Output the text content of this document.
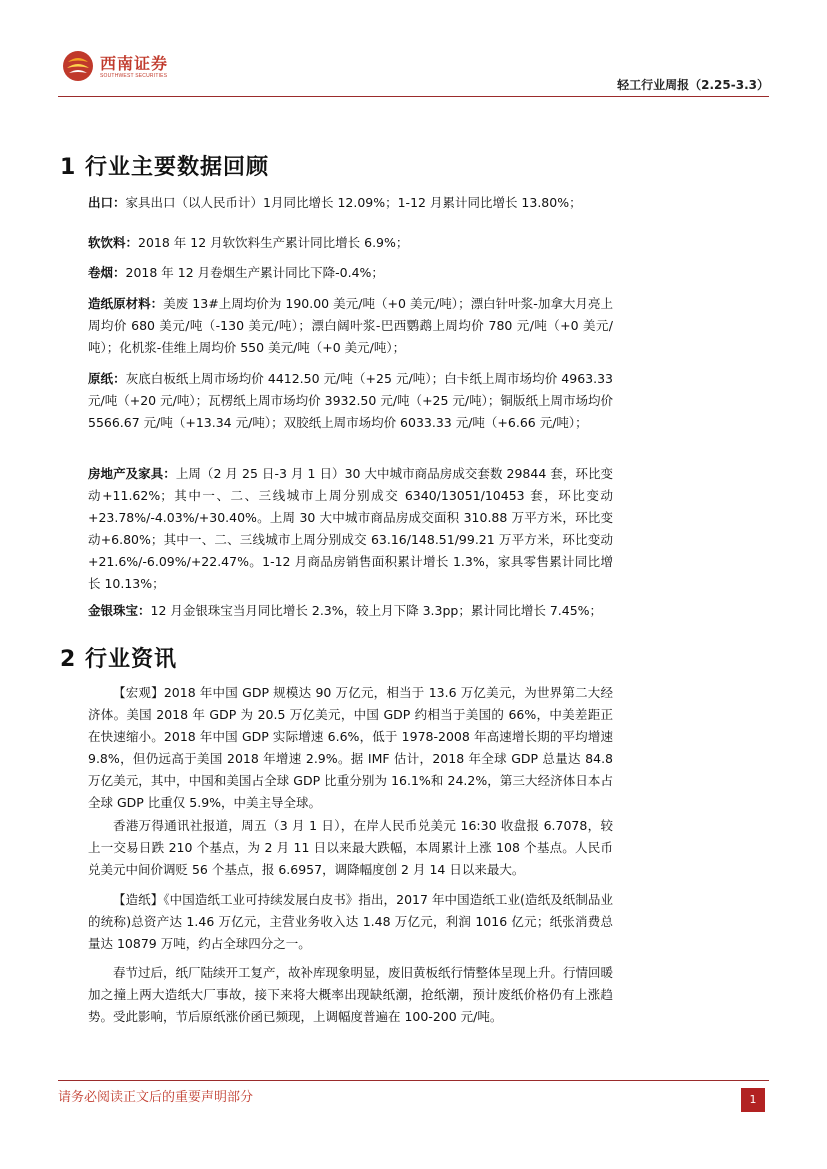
西南证券
SOUTHWEST SECURITIES
轻工行业周报（2.25-3.3）
1 行业主要数据回顾

出口：家具出口（以人民币计）1月同比增长 12.09%；1-12 月累计同比增长 13.80%；

软饮料：2018 年 12 月软饮料生产累计同比增长 6.9%；

卷烟：2018 年 12 月卷烟生产累计同比下降-0.4%；

造纸原材料：美废 13#上周均价为 190.00 美元/吨（+0 美元/吨）；漂白针叶浆-加拿大月亮上周均价 680 美元/吨（-130 美元/吨）；漂白阔叶浆-巴西鹦鹉上周均价 780 元/吨（+0 美元/吨）；化机浆-佳维上周均价 550 美元/吨（+0 美元/吨）；

原纸：灰底白板纸上周市场均价 4412.50 元/吨（+25 元/吨）；白卡纸上周市场均价 4963.33 元/吨（+20 元/吨）；瓦楞纸上周市场均价 3932.50 元/吨（+25 元/吨）；铜版纸上周市场均价 5566.67 元/吨（+13.34 元/吨）；双胶纸上周市场均价 6033.33 元/吨（+6.66 元/吨）；

房地产及家具：上周（2 月 25 日-3 月 1 日）30 大中城市商品房成交套数 29844 套，环比变动+11.62%；其中一、二、三线城市上周分别成交 6340/13051/10453 套，环比变动+23.78%/-4.03%/+30.40%。上周 30 大中城市商品房成交面积 310.88 万平方米，环比变动+6.80%；其中一、二、三线城市上周分别成交 63.16/148.51/99.21 万平方米，环比变动+21.6%/-6.09%/+22.47%。1-12 月商品房销售面积累计增长 1.3%，家具零售累计同比增长 10.13%；

金银珠宝：12 月金银珠宝当月同比增长 2.3%，较上月下降 3.3pp；累计同比增长 7.45%；

2 行业资讯

【宏观】2018 年中国 GDP 规模达 90 万亿元，相当于 13.6 万亿美元，为世界第二大经济体。美国 2018 年 GDP 为 20.5 万亿美元，中国 GDP 约相当于美国的 66%，中美差距正在快速缩小。2018 年中国 GDP 实际增速 6.6%，低于 1978-2008 年高速增长期的平均增速 9.8%，但仍远高于美国 2018 年增速 2.9%。据 IMF 估计，2018 年全球 GDP 总量达 84.8 万亿美元，其中，中国和美国占全球 GDP 比重分别为 16.1%和 24.2%，第三大经济体日本占全球 GDP 比重仅 5.9%，中美主导全球。

香港万得通讯社报道，周五（3 月 1 日），在岸人民币兑美元 16:30 收盘报 6.7078，较上一交易日跌 210 个基点，为 2 月 11 日以来最大跌幅，本周累计上涨 108 个基点。人民币兑美元中间价调贬 56 个基点，报 6.6957，调降幅度创 2 月 14 日以来最大。

【造纸】《中国造纸工业可持续发展白皮书》指出，2017 年中国造纸工业(造纸及纸制品业的统称)总资产达 1.46 万亿元，主营业务收入达 1.48 万亿元，利润 1016 亿元；纸张消费总量达 10879 万吨，约占全球四分之一。

春节过后，纸厂陆续开工复产，故补库现象明显，废旧黄板纸行情整体呈现上升。行情回暖加之撞上两大造纸大厂事故，接下来将大概率出现缺纸潮，抢纸潮，预计废纸价格仍有上涨趋势。受此影响，节后原纸涨价函已频现，上调幅度普遍在 100-200 元/吨。

请务必阅读正文后的重要声明部分	1
